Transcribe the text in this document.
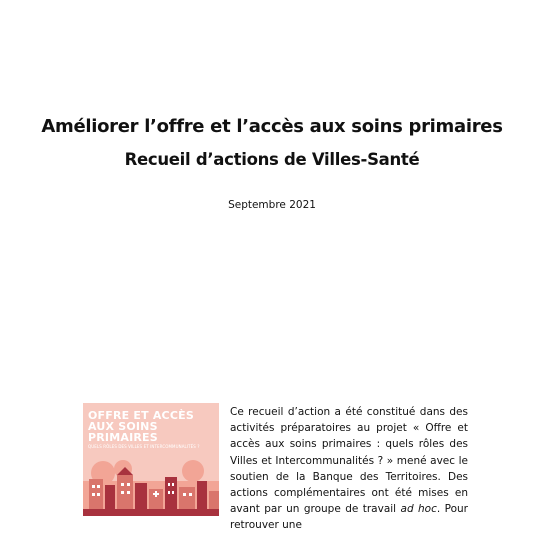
Améliorer l’offre et l’accès aux soins primaires
Recueil d’actions de Villes-Santé
Septembre 2021
OFFRE ET ACCÈS
AUX SOINS PRIMAIRES
QUELS RÔLES DES VILLES ET INTERCOMMUNALITÉS ?
Ce recueil d’action a été constitué dans des activités préparatoires au projet « Offre et accès aux soins primaires : quels rôles des Villes et Intercommunalités ? » mené avec le soutien de la Banque des Territoires. Des actions complémentaires ont été mises en avant par un groupe de travail ad hoc. Pour retrouver une
